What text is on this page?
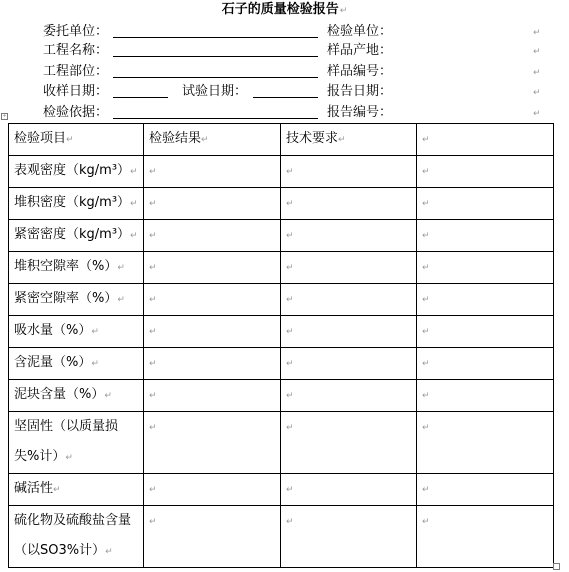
石子的质量检验报告↵
委托单位：	检验单位：	↵
工程名称：	样品产地：	↵
工程部位：	样品编号：	↵
收样日期：	试验日期：	报告日期：	↵
检验依据：	报告编号：	↵
+
检验项目↵	检验结果↵	技术要求↵	↵
表观密度（kg/m³）↵	↵	↵	↵
堆积密度（kg/m³）↵	↵	↵	↵
紧密密度（kg/m³）↵	↵	↵	↵
堆积空隙率（%）↵	↵	↵	↵
紧密空隙率（%）↵	↵	↵	↵
吸水量（%）↵	↵	↵	↵
含泥量（%）↵	↵	↵	↵
泥块含量（%）↵	↵	↵	↵
坚固性（以质量损失%计）↵	↵	↵	↵
碱活性↵	↵	↵	↵
硫化物及硫酸盐含量（以SO3%计）↵	↵	↵	↵
